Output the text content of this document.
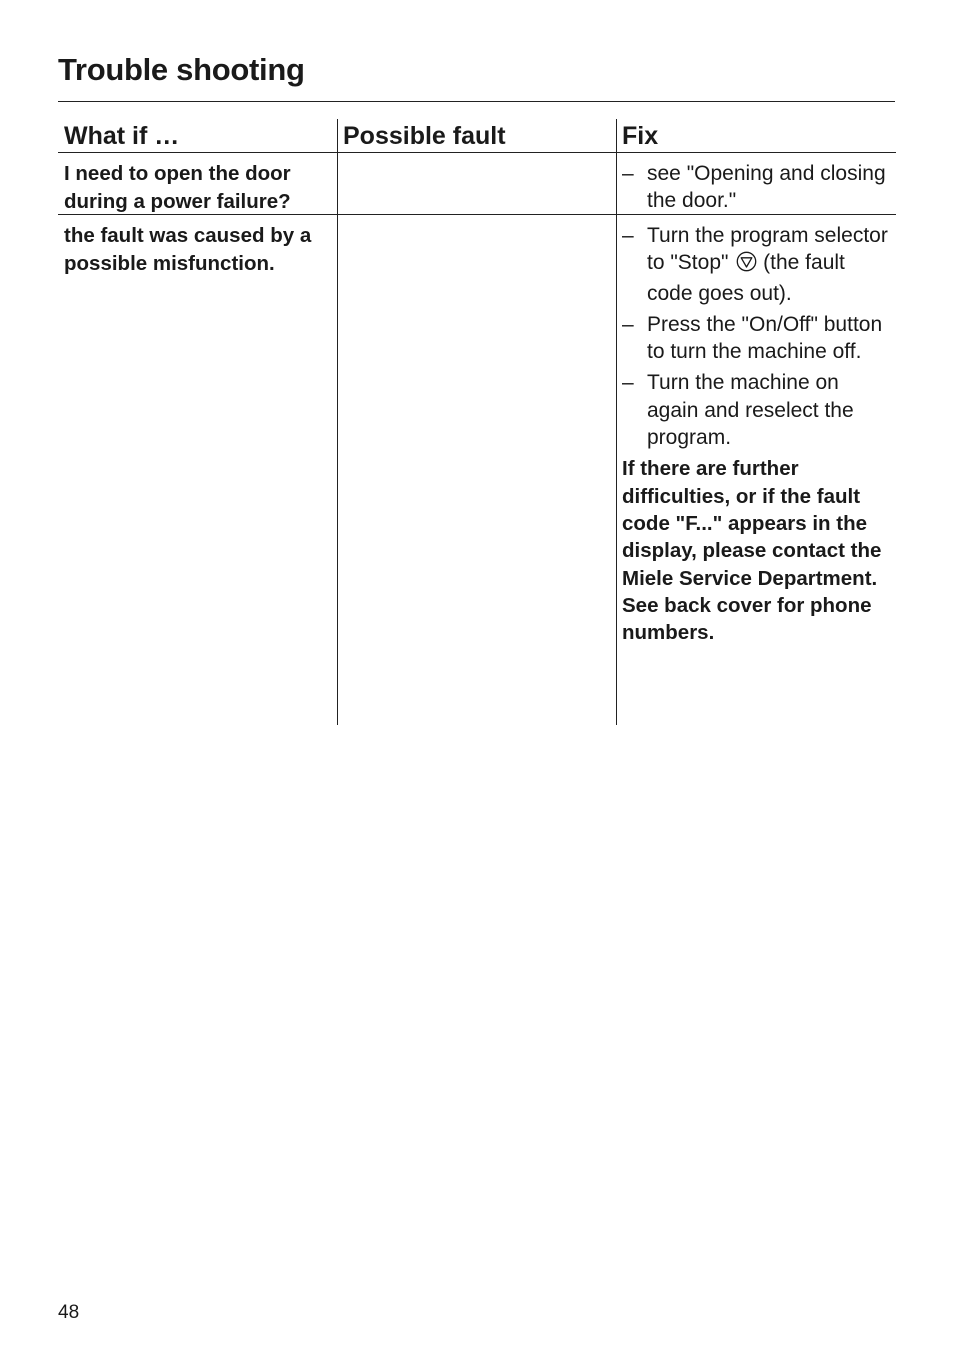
Trouble shooting
What if …	Possible fault	Fix
I need to open the door during a power failure?
– see "Opening and closing the door."
the fault was caused by a possible misfunction.
– Turn the program selector to "Stop" (the fault code goes out).
– Press the "On/Off" button to turn the machine off.
– Turn the machine on again and reselect the program.
If there are further difficulties, or if the fault code "F..." appears in the display, please contact the Miele Service Department. See back cover for phone numbers.
48
